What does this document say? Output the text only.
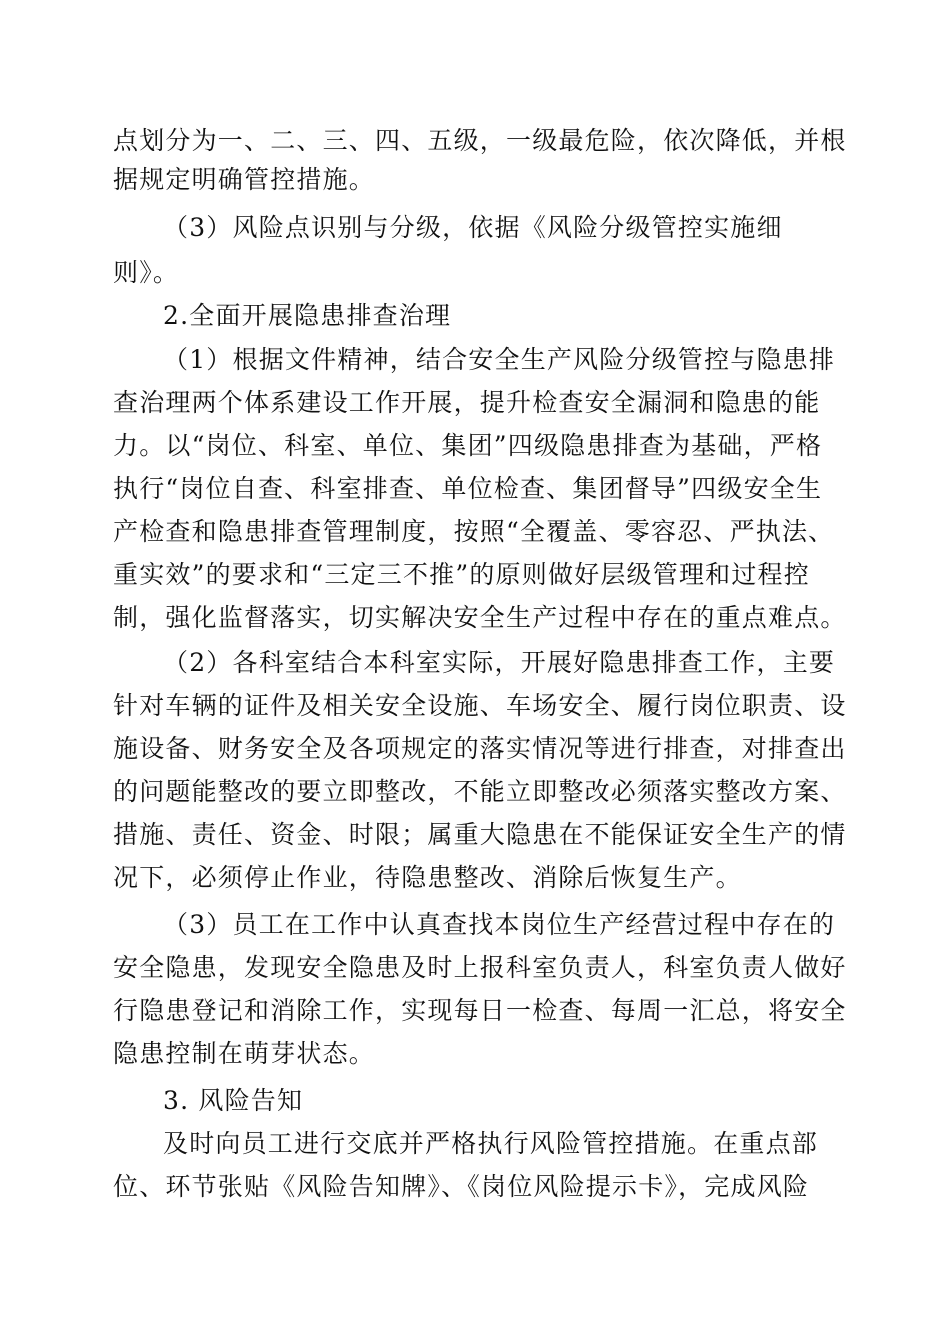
点划分为一、二、三、四、五级，一级最危险，依次降低，并根
据规定明确管控措施。
（3）风险点识别与分级，依据《风险分级管控实施细
则》。
2.全面开展隐患排查治理
（1）根据文件精神，结合安全生产风险分级管控与隐患排
查治理两个体系建设工作开展，提升检查安全漏洞和隐患的能
力。以“岗位、科室、单位、集团”四级隐患排查为基础，严格
执行“岗位自查、科室排查、单位检查、集团督导”四级安全生
产检查和隐患排查管理制度，按照“全覆盖、零容忍、严执法、
重实效”的要求和“三定三不推”的原则做好层级管理和过程控
制，强化监督落实，切实解决安全生产过程中存在的重点难点。
（2）各科室结合本科室实际，开展好隐患排查工作，主要
针对车辆的证件及相关安全设施、车场安全、履行岗位职责、设
施设备、财务安全及各项规定的落实情况等进行排查，对排查出
的问题能整改的要立即整改，不能立即整改必须落实整改方案、
措施、责任、资金、时限；属重大隐患在不能保证安全生产的情
况下，必须停止作业，待隐患整改、消除后恢复生产。
（3）员工在工作中认真查找本岗位生产经营过程中存在的
安全隐患，发现安全隐患及时上报科室负责人，科室负责人做好
行隐患登记和消除工作，实现每日一检查、每周一汇总，将安全
隐患控制在萌芽状态。
3. 风险告知
及时向员工进行交底并严格执行风险管控措施。在重点部
位、环节张贴《风险告知牌》、《岗位风险提示卡》，完成风险
